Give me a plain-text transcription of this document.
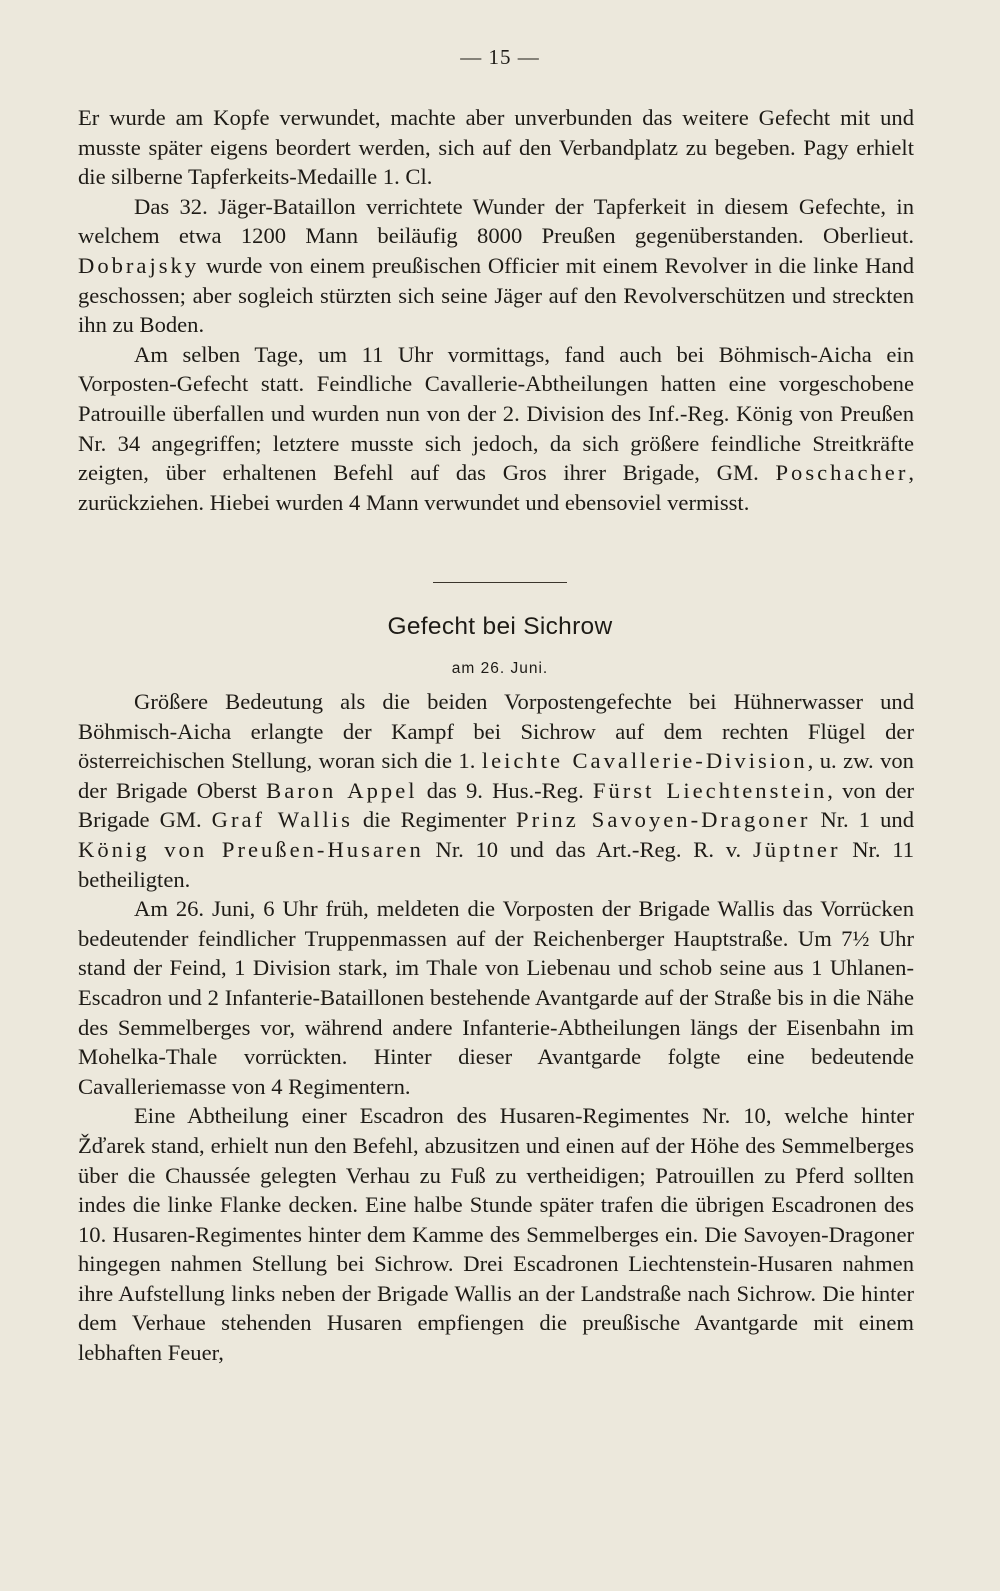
— 15 —

Er wurde am Kopfe verwundet, machte aber unverbunden das weitere Gefecht mit und musste später eigens beordert werden, sich auf den Verbandplatz zu begeben. Pagy erhielt die silberne Tapferkeits-Medaille 1. Cl.

Das 32. Jäger-Bataillon verrichtete Wunder der Tapferkeit in diesem Gefechte, in welchem etwa 1200 Mann beiläufig 8000 Preußen gegenüberstanden. Oberlieut. Dobrajsky wurde von einem preußischen Officier mit einem Revolver in die linke Hand geschossen; aber sogleich stürzten sich seine Jäger auf den Revolverschützen und streckten ihn zu Boden.

Am selben Tage, um 11 Uhr vormittags, fand auch bei Böhmisch-Aicha ein Vorposten-Gefecht statt. Feindliche Cavallerie-Abtheilungen hatten eine vorgeschobene Patrouille überfallen und wurden nun von der 2. Division des Inf.-Reg. König von Preußen Nr. 34 angegriffen; letztere musste sich jedoch, da sich größere feindliche Streitkräfte zeigten, über erhaltenen Befehl auf das Gros ihrer Brigade, GM. Poschacher, zurückziehen. Hiebei wurden 4 Mann verwundet und ebensoviel vermisst.

Gefecht bei Sichrow
am 26. Juni.

Größere Bedeutung als die beiden Vorpostengefechte bei Hühnerwasser und Böhmisch-Aicha erlangte der Kampf bei Sichrow auf dem rechten Flügel der österreichischen Stellung, woran sich die 1. leichte Cavallerie-Division, u. zw. von der Brigade Oberst Baron Appel das 9. Hus.-Reg. Fürst Liechtenstein, von der Brigade GM. Graf Wallis die Regimenter Prinz Savoyen-Dragoner Nr. 1 und König von Preußen-Husaren Nr. 10 und das Art.-Reg. R. v. Jüptner Nr. 11 betheiligten.

Am 26. Juni, 6 Uhr früh, meldeten die Vorposten der Brigade Wallis das Vorrücken bedeutender feindlicher Truppenmassen auf der Reichenberger Hauptstraße. Um 7½ Uhr stand der Feind, 1 Division stark, im Thale von Liebenau und schob seine aus 1 Uhlanen-Escadron und 2 Infanterie-Bataillonen bestehende Avantgarde auf der Straße bis in die Nähe des Semmelberges vor, während andere Infanterie-Abtheilungen längs der Eisenbahn im Mohelka-Thale vorrückten. Hinter dieser Avantgarde folgte eine bedeutende Cavalleriemasse von 4 Regimentern.

Eine Abtheilung einer Escadron des Husaren-Regimentes Nr. 10, welche hinter Žďarek stand, erhielt nun den Befehl, abzusitzen und einen auf der Höhe des Semmelberges über die Chaussée gelegten Verhau zu Fuß zu vertheidigen; Patrouillen zu Pferd sollten indes die linke Flanke decken. Eine halbe Stunde später trafen die übrigen Escadronen des 10. Husaren-Regimentes hinter dem Kamme des Semmelberges ein. Die Savoyen-Dragoner hingegen nahmen Stellung bei Sichrow. Drei Escadronen Liechtenstein-Husaren nahmen ihre Aufstellung links neben der Brigade Wallis an der Landstraße nach Sichrow. Die hinter dem Verhaue stehenden Husaren empfiengen die preußische Avantgarde mit einem lebhaften Feuer,
